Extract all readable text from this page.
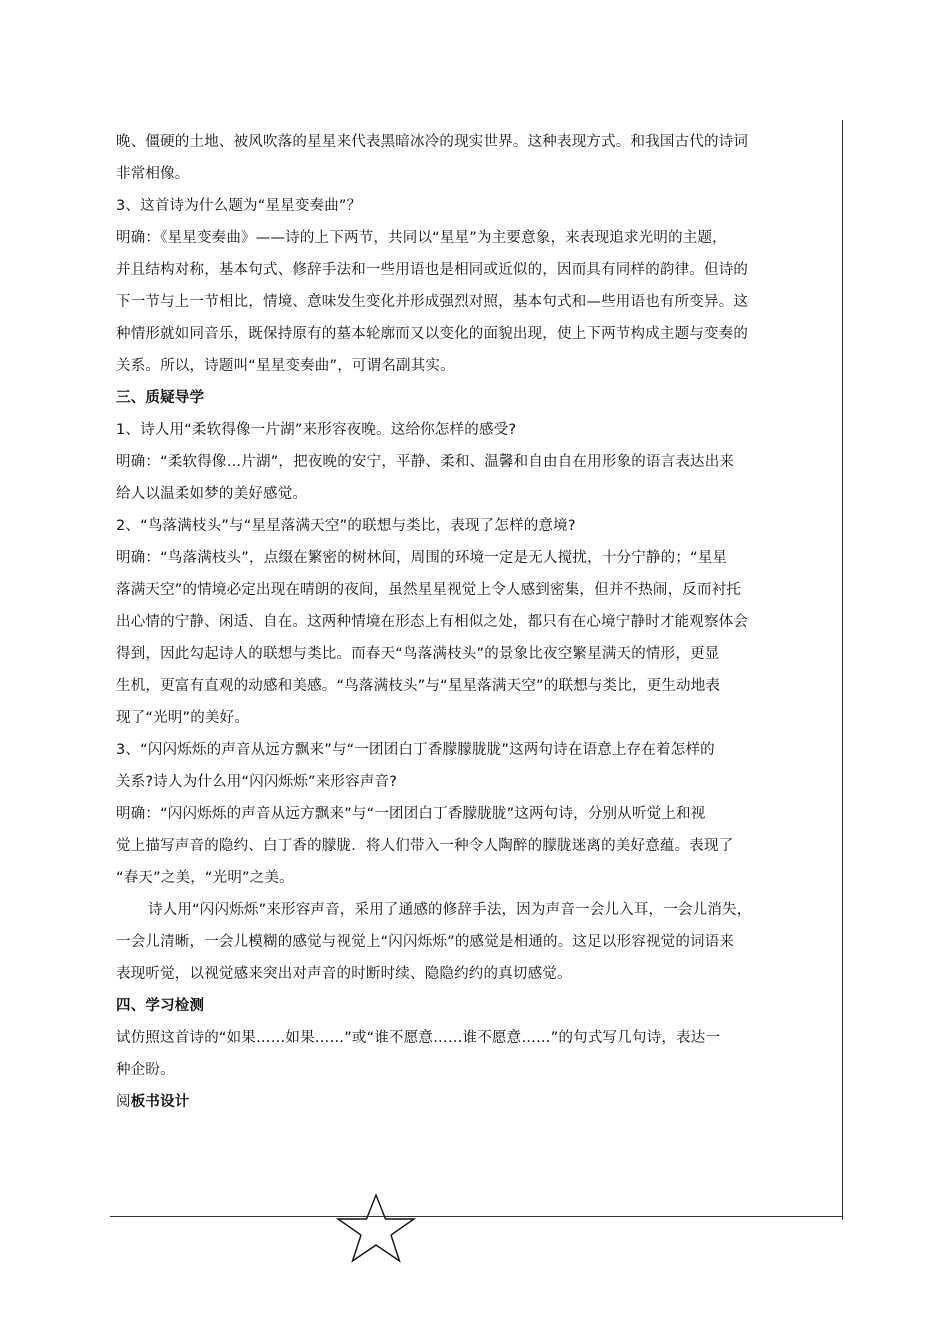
晚、僵硬的土地、被风吹落的星星来代表黑暗冰冷的现实世界。这种表现方式。和我国古代的诗词
非常相像。
3、这首诗为什么题为“星星变奏曲”？
明确：《星星变奏曲》——诗的上下两节，共同以“星星”为主要意象，来表现追求光明的主题，
并且结构对称，基本句式、修辞手法和一些用语也是相同或近似的，因而具有同样的韵律。但诗的
下一节与上一节相比，情境、意味发生变化并形成强烈对照，基本句式和—些用语也有所变异。这
种情形就如同音乐，既保持原有的墓本轮廓而又以变化的面貌出现，使上下两节构成主题与变奏的
关系。所以，诗题叫“星星变奏曲”，可谓名副其实。
三、质疑导学
1、诗人用“柔软得像一片湖”来形容夜晚。这给你怎样的感受?
明确：“柔软得像…片湖”，把夜晚的安宁，平静、柔和、温馨和自由自在用形象的语言表达出来
给人以温柔如梦的美好感觉。
2、“鸟落满枝头”与“星星落满天空”的联想与类比，表现了怎样的意境?
明确：“鸟落满枝头”，点缀在繁密的树林间，周围的环境一定是无人搅扰，十分宁静的；“星星
落满天空”的情境必定出现在晴朗的夜间，虽然星星视觉上令人感到密集，但并不热闹，反而衬托
出心情的宁静、闲适、自在。这两种情境在形态上有相似之处，都只有在心境宁静时才能观察体会
得到，因此勾起诗人的联想与类比。而春天“鸟落满枝头”的景象比夜空繁星满天的情形，更显
生机，更富有直观的动感和美感。“鸟落满枝头”与“星星落满天空”的联想与类比，更生动地表
现了“光明”的美好。
3、“闪闪烁烁的声音从远方飘来”与“一团团白丁香朦朦胧胧”这两句诗在语意上存在着怎样的
关系?诗人为什么用“闪闪烁烁”来形容声音?
明确：“闪闪烁烁的声音从远方飘来”与“一团团白丁香朦胧胧”这两句诗，分别从听觉上和视
觉上描写声音的隐约、白丁香的朦胧．将人们带入一种令人陶醉的朦胧迷离的美好意蕴。表现了
“春天”之美，“光明”之美。
诗人用“闪闪烁烁”来形容声音，采用了通感的修辞手法，因为声音一会儿入耳，一会儿消失，
一会儿清晰，一会儿模糊的感觉与视觉上“闪闪烁烁”的感觉是相通的。这足以形容视觉的词语来
表现听觉，以视觉感来突出对声音的时断时续、隐隐约约的真切感觉。
四、学习检测
试仿照这首诗的“如果……如果……”或“谁不愿意……谁不愿意……”的句式写几句诗，表达一
种企盼。
阅板书设计
